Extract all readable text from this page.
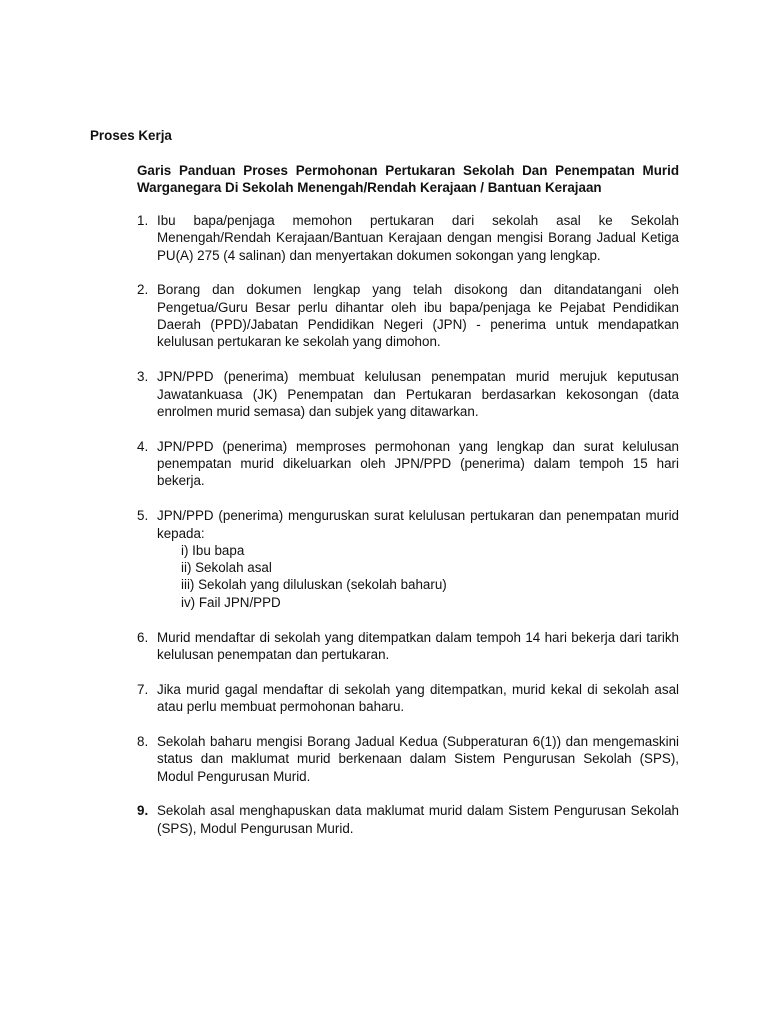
Proses Kerja
Garis Panduan Proses Permohonan Pertukaran Sekolah Dan Penempatan Murid Warganegara Di Sekolah Menengah/Rendah Kerajaan / Bantuan Kerajaan
1. Ibu bapa/penjaga memohon pertukaran dari sekolah asal ke Sekolah Menengah/Rendah Kerajaan/Bantuan Kerajaan dengan mengisi Borang Jadual Ketiga PU(A) 275 (4 salinan) dan menyertakan dokumen sokongan yang lengkap.

2. Borang dan dokumen lengkap yang telah disokong dan ditandatangani oleh Pengetua/Guru Besar perlu dihantar oleh ibu bapa/penjaga ke Pejabat Pendidikan Daerah (PPD)/Jabatan Pendidikan Negeri (JPN) - penerima untuk mendapatkan kelulusan pertukaran ke sekolah yang dimohon.

3. JPN/PPD (penerima) membuat kelulusan penempatan murid merujuk keputusan Jawatankuasa (JK) Penempatan dan Pertukaran berdasarkan kekosongan (data enrolmen murid semasa) dan subjek yang ditawarkan.

4. JPN/PPD (penerima) memproses permohonan yang lengkap dan surat kelulusan penempatan murid dikeluarkan oleh JPN/PPD (penerima) dalam tempoh 15 hari bekerja.

5. JPN/PPD (penerima) menguruskan surat kelulusan pertukaran dan penempatan murid kepada:

i) Ibu bapa
ii) Sekolah asal
iii) Sekolah yang diluluskan (sekolah baharu)
iv) Fail JPN/PPD
6. Murid mendaftar di sekolah yang ditempatkan dalam tempoh 14 hari bekerja dari tarikh kelulusan penempatan dan pertukaran.

7. Jika murid gagal mendaftar di sekolah yang ditempatkan, murid kekal di sekolah asal atau perlu membuat permohonan baharu.

8. Sekolah baharu mengisi Borang Jadual Kedua (Subperaturan 6(1)) dan mengemaskini status dan maklumat murid berkenaan dalam Sistem Pengurusan Sekolah (SPS), Modul Pengurusan Murid.

9. Sekolah asal menghapuskan data maklumat murid dalam Sistem Pengurusan Sekolah (SPS), Modul Pengurusan Murid.
